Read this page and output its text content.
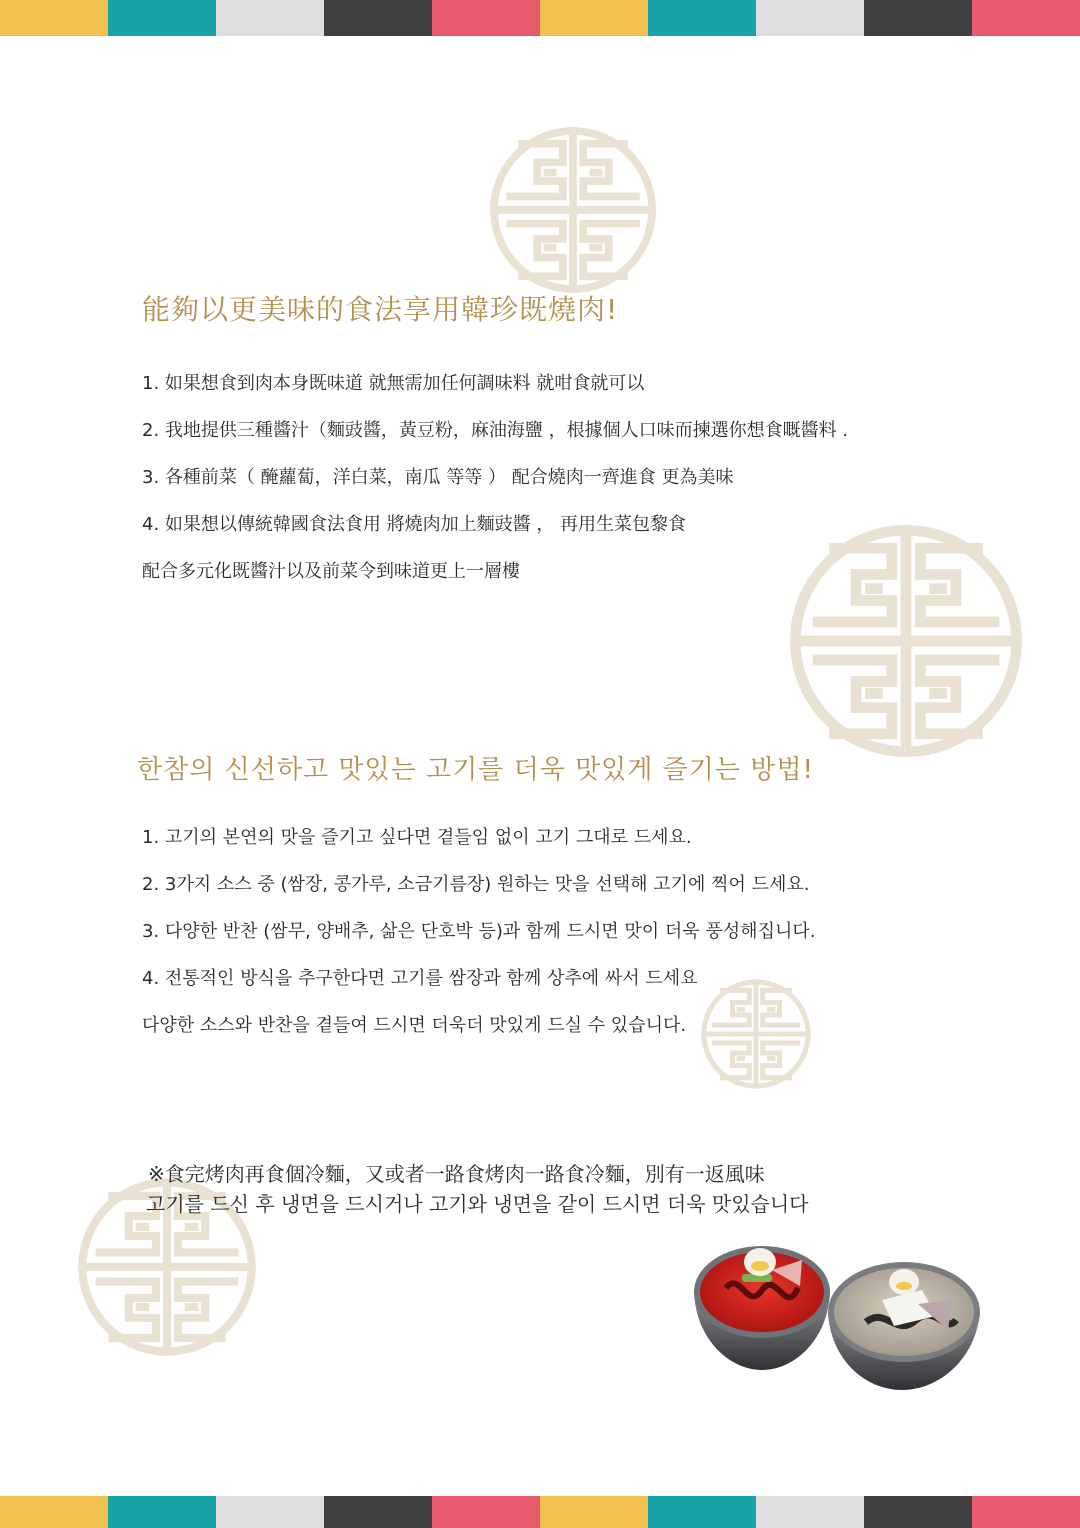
能夠以更美味的食法享用韓珍既燒肉!

1. 如果想食到肉本身既味道 就無需加任何調味料 就咁食就可以

2. 我地提供三種醬汁（麵豉醬，黃豆粉，麻油海鹽 ，根據個人口味而揀選你想食嘅醬料 .

3. 各種前菜（ 醃蘿蔔，洋白菜，南瓜 等等 ） 配合燒肉一齊進食 更為美味

4. 如果想以傳統韓國食法食用 將燒肉加上麵豉醬 ， 再用生菜包黎食

配合多元化既醬汁以及前菜令到味道更上一層樓

한참의 신선하고 맛있는 고기를 더욱 맛있게 즐기는 방법!

1. 고기의 본연의 맛을 즐기고 싶다면 곁들임 없이 고기 그대로 드세요.

2. 3가지 소스 중 (쌈장, 콩가루, 소금기름장) 원하는 맛을 선택해 고기에 찍어 드세요.

3. 다양한 반찬 (쌈무, 양배추, 삶은 단호박 등)과 함께 드시면 맛이 더욱 풍성해집니다.

4. 전통적인 방식을 추구한다면 고기를 쌈장과 함께 상추에 싸서 드세요

다양한 소스와 반찬을 곁들여 드시면 더욱더 맛있게 드실 수 있습니다.

※食完烤肉再食個冷麵，又或者一路食烤肉一路食冷麵，別有一返風味

고기를 드신 후 냉면을 드시거나 고기와 냉면을 같이 드시면 더욱 맛있습니다
